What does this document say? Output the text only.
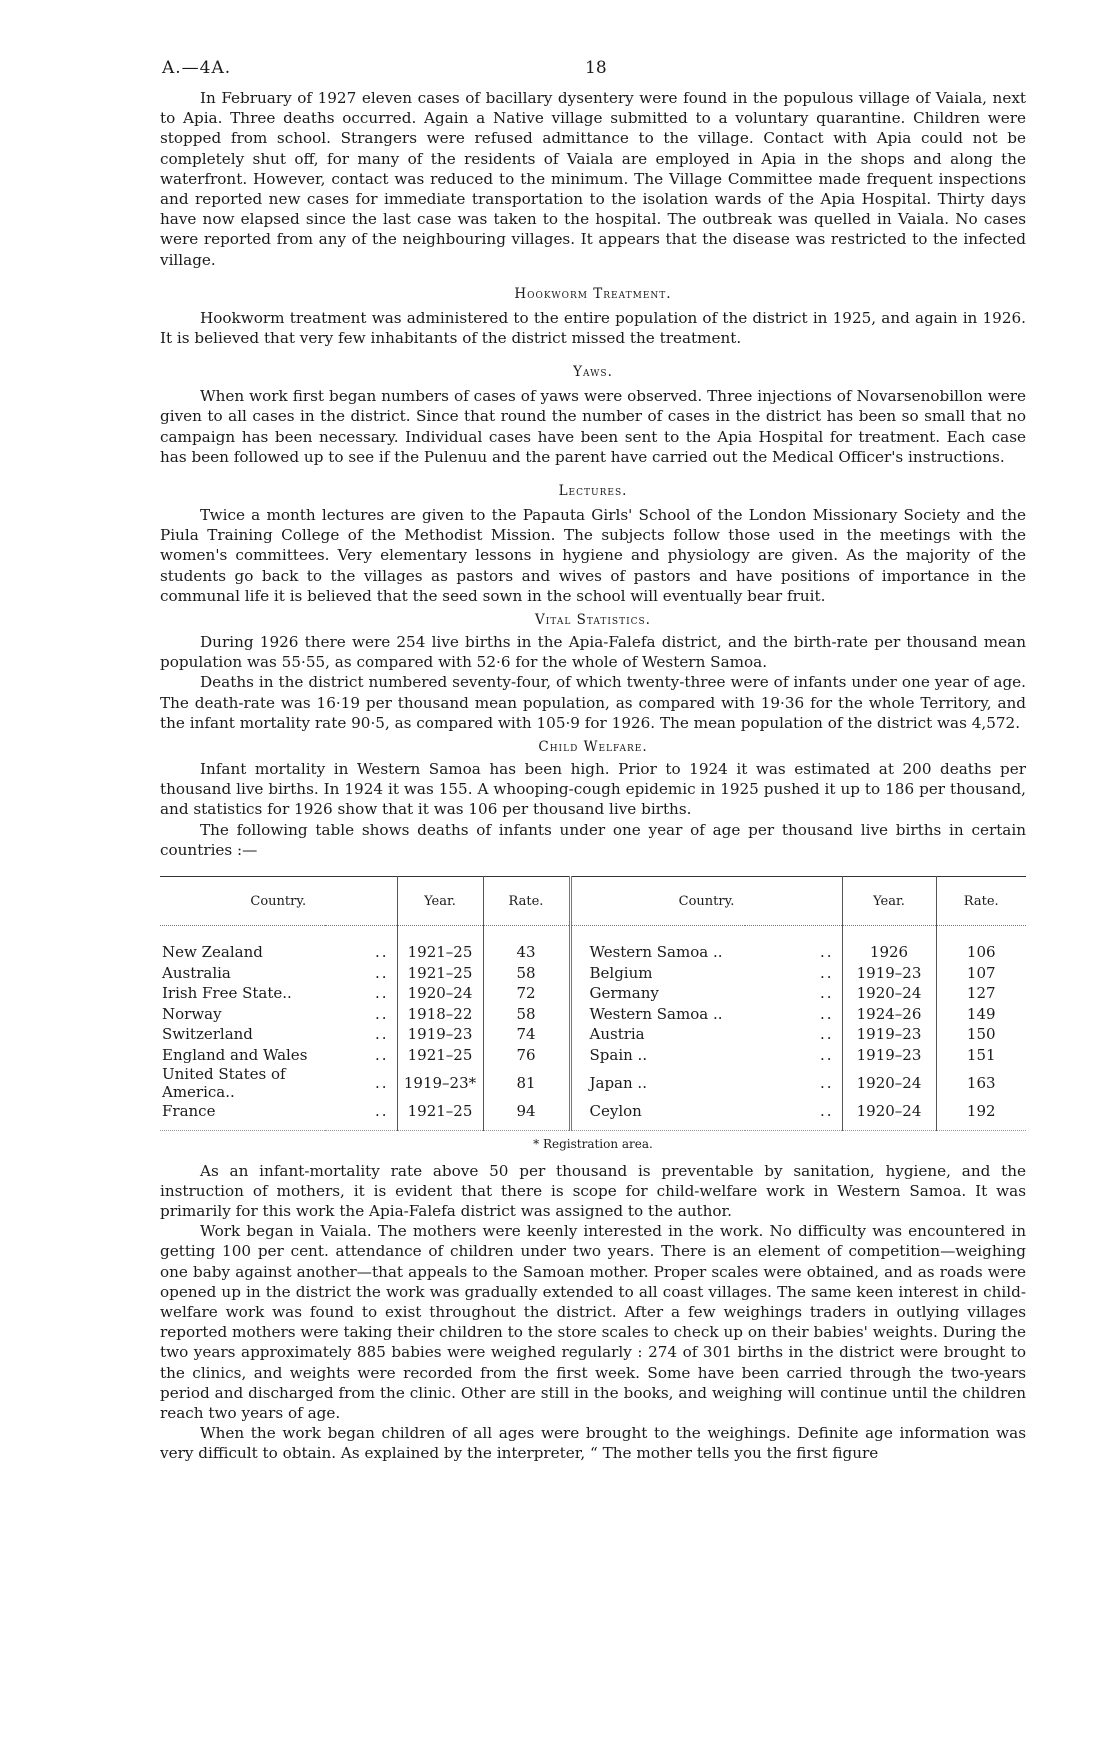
A.—4A.	18

In February of 1927 eleven cases of bacillary dysentery were found in the populous village of Vaiala, next to Apia. Three deaths occurred. Again a Native village submitted to a voluntary quarantine. Children were stopped from school. Strangers were refused admittance to the village. Contact with Apia could not be completely shut off, for many of the residents of Vaiala are employed in Apia in the shops and along the waterfront. However, contact was reduced to the minimum. The Village Committee made frequent inspections and reported new cases for immediate transportation to the isolation wards of the Apia Hospital. Thirty days have now elapsed since the last case was taken to the hospital. The outbreak was quelled in Vaiala. No cases were reported from any of the neighbouring villages. It appears that the disease was restricted to the infected village.

Hookworm Treatment.

Hookworm treatment was administered to the entire population of the district in 1925, and again in 1926. It is believed that very few inhabitants of the district missed the treatment.

Yaws.

When work first began numbers of cases of yaws were observed. Three injections of Novarsenobillon were given to all cases in the district. Since that round the number of cases in the district has been so small that no campaign has been necessary. Individual cases have been sent to the Apia Hospital for treatment. Each case has been followed up to see if the Pulenuu and the parent have carried out the Medical Officer's instructions.

Lectures.

Twice a month lectures are given to the Papauta Girls' School of the London Missionary Society and the Piula Training College of the Methodist Mission. The subjects follow those used in the meetings with the women's committees. Very elementary lessons in hygiene and physiology are given. As the majority of the students go back to the villages as pastors and wives of pastors and have positions of importance in the communal life it is believed that the seed sown in the school will eventually bear fruit.

Vital Statistics.

During 1926 there were 254 live births in the Apia-Falefa district, and the birth-rate per thousand mean population was 55·55, as compared with 52·6 for the whole of Western Samoa.

Deaths in the district numbered seventy-four, of which twenty-three were of infants under one year of age. The death-rate was 16·19 per thousand mean population, as compared with 19·36 for the whole Territory, and the infant mortality rate 90·5, as compared with 105·9 for 1926. The mean population of the district was 4,572.

Child Welfare.

Infant mortality in Western Samoa has been high. Prior to 1924 it was estimated at 200 deaths per thousand live births. In 1924 it was 155. A whooping-cough epidemic in 1925 pushed it up to 186 per thousand, and statistics for 1926 show that it was 106 per thousand live births.

The following table shows deaths of infants under one year of age per thousand live births in certain countries :—

Country.		Year.	Rate.	Country.		Year.	Rate.
New Zealand	..	1921–25	43	Western Samoa ..	..	1926	106
Australia	..	1921–25	58	Belgium	..	1919–23	107
Irish Free State..	..	1920–24	72	Germany	..	1920–24	127
Norway	..	1918–22	58	Western Samoa ..	..	1924–26	149
Switzerland	..	1919–23	74	Austria	..	1919–23	150
England and Wales	..	1921–25	76	Spain ..	..	1919–23	151
United States of America..	..	1919–23*	81	Japan ..	..	1920–24	163
France	..	1921–25	94	Ceylon	..	1920–24	192

* Registration area.

As an infant-mortality rate above 50 per thousand is preventable by sanitation, hygiene, and the instruction of mothers, it is evident that there is scope for child-welfare work in Western Samoa. It was primarily for this work the Apia-Falefa district was assigned to the author.

Work began in Vaiala. The mothers were keenly interested in the work. No difficulty was encountered in getting 100 per cent. attendance of children under two years. There is an element of competition—weighing one baby against another—that appeals to the Samoan mother. Proper scales were obtained, and as roads were opened up in the district the work was gradually extended to all coast villages. The same keen interest in child-welfare work was found to exist throughout the district. After a few weighings traders in outlying villages reported mothers were taking their children to the store scales to check up on their babies' weights. During the two years approximately 885 babies were weighed regularly : 274 of 301 births in the district were brought to the clinics, and weights were recorded from the first week. Some have been carried through the two-years period and discharged from the clinic. Other are still in the books, and weighing will continue until the children reach two years of age.

When the work began children of all ages were brought to the weighings. Definite age information was very difficult to obtain. As explained by the interpreter, “ The mother tells you the first figure
